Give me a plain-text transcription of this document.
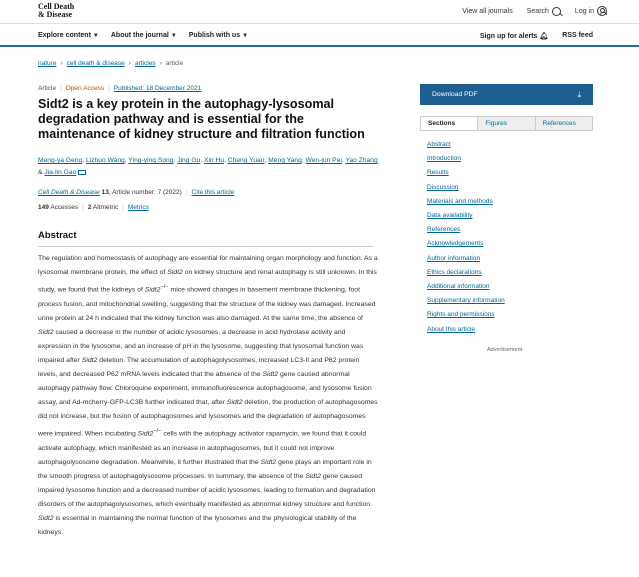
Cell Death
& Disease	View all journals Search	Log in
Explore content ▼ About the journal ▼ Publish with us ▼	Sign up for alerts 🔔︎ RSS feed
nature › cell death & disease › articles › article
Article | Open Access | Published: 18 December 2021
Sidt2 is a key protein in the autophagy-lysosomal degradation pathway and is essential for the maintenance of kidney structure and filtration function
Meng-ya Geng, Lizhuo Wang, Ying-ying Song, Jing Gu, Xin Hu, Cheng Yuan, Meng Yang, Wen-jun Pei, Yao Zhang & Jia-lin Gao
Cell Death & Disease 13, Article number: 7 (2022) | Cite this article
149 Accesses | 2 Altmetric | Metrics
Abstract
The regulation and homeostasis of autophagy are essential for maintaining organ morphology and function. As a lysosomal membrane protein, the effect of Sidt2 on kidney structure and renal autophagy is still unknown. In this study, we found that the kidneys of Sidt2−/− mice showed changes in basement membrane thickening, foot process fusion, and mitochondrial swelling, suggesting that the structure of the kidney was damaged. Increased urine protein at 24 h indicated that the kidney function was also damaged. At the same time, the absence of Sidt2 caused a decrease in the number of acidic lysosomes, a decrease in acid hydrolase activity and expression in the lysosome, and an increase of pH in the lysosome, suggesting that lysosomal function was impaired after Sidt2 deletion. The accumulation of autophagolysosomes, increased LC3-II and P62 protein levels, and decreased P62 mRNA levels indicated that the absence of the Sidt2 gene caused abnormal autophagy pathway flow. Chloroquine experiment, immunofluorescence autophagosome, and lysosome fusion assay, and Ad-mcherry-GFP-LC3B further indicated that, after Sidt2 deletion, the production of autophagosomes did not increase, but the fusion of autophagosomes and lysosomes and the degradation of autophagosomes were impaired. When incubating Sidt2−/− cells with the autophagy activator rapamycin, we found that it could activate autophagy, which manifested as an increase in autophagosomes, but it could not improve autophagolysosome degradation. Meanwhile, it further illustrated that the Sidt2 gene plays an important role in the smooth progress of autophagolysosome processes. In summary, the absence of the Sidt2 gene caused impaired lysosome function and a decreased number of acidic lysosomes, leading to formation and degradation disorders of the autophagolysosomes, which eventually manifested as abnormal kidney structure and function. Sidt2 is essential in maintaining the normal function of the lysosomes and the physiological stability of the kidneys.
Download PDF	⤓
Sections	Figures	References
Abstract
Introduction
Results
Discussion
Materials and methods
Data availability
References
Acknowledgements
Author information
Ethics declarations
Additional information
Supplementary information
Rights and permissions
About this article
Advertisement
